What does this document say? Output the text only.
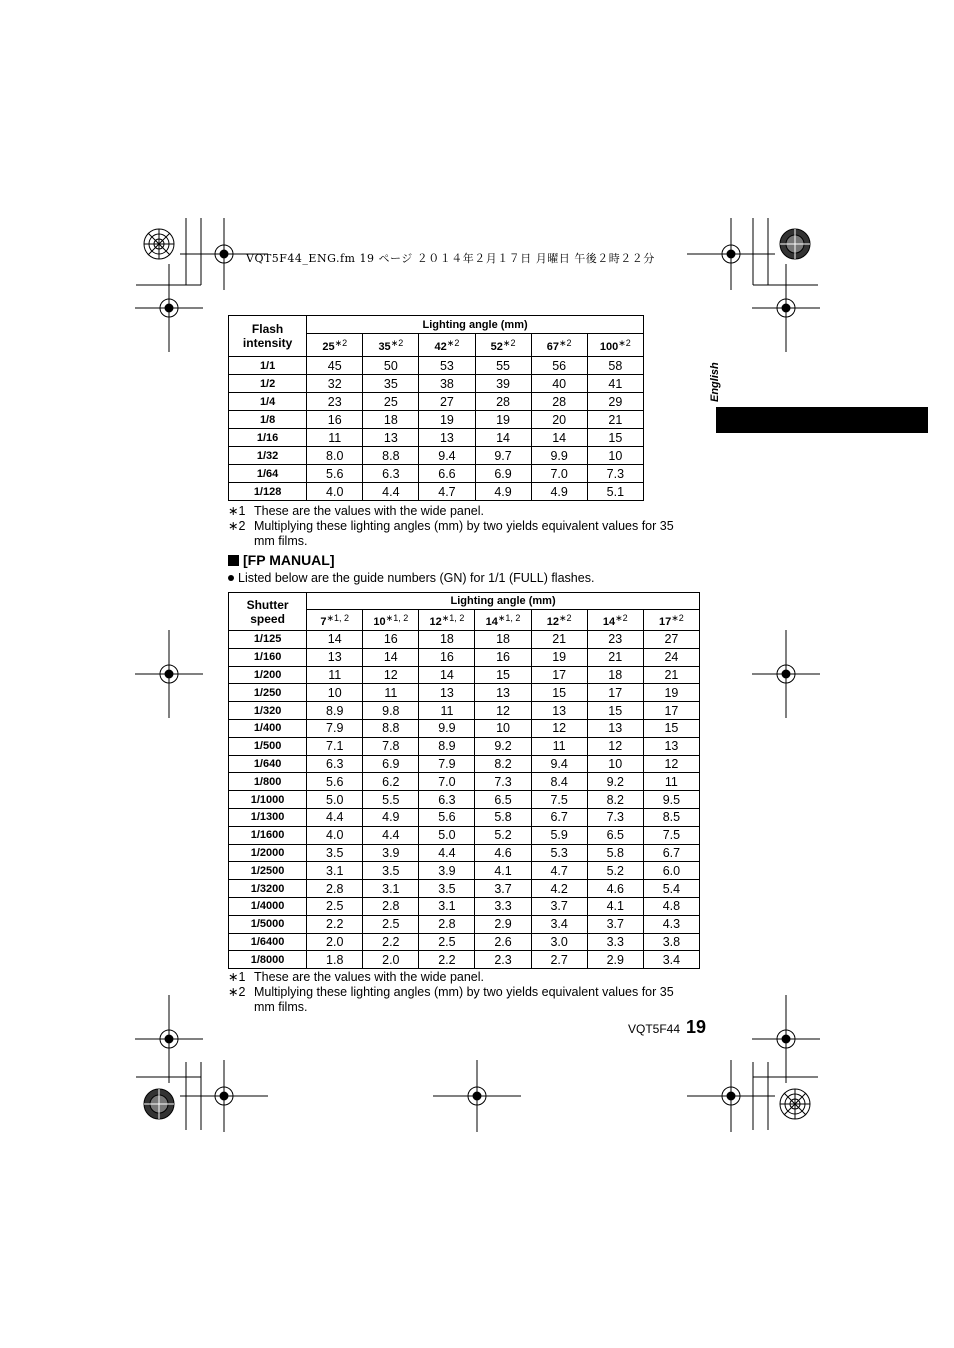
VQT5F44_ENG.fm 19 ページ ２０１４年２月１７日 月曜日 午後２時２２分
English
Flash intensity	Lighting angle (mm)					
	$25^{∗2}$	$35^{∗2}$	$42^{∗2}$	$52^{∗2}$	$67^{∗2}$	$100^{∗2}$
1/1	45	50	53	55	56	58
1/2	32	35	38	39	40	41
1/4	23	25	27	28	28	29
1/8	16	18	19	19	20	21
1/16	11	13	13	14	14	15
1/32	8.0	8.8	9.4	9.7	9.9	10
1/64	5.6	6.3	6.6	6.9	7.0	7.3
1/128	4.0	4.4	4.7	4.9	4.9	5.1
∗1 These are the values with the wide panel.
∗2 Multiplying these lighting angles (mm) by two yields equivalent values for 35 mm films.
[FP MANUAL]
Listed below are the guide numbers (GN) for 1/1 (FULL) flashes.
Shutter speed	Lighting angle (mm)						
	$7^{∗1, 2}$	$10^{∗1, 2}$	$12^{∗1, 2}$	$14^{∗1, 2}$	$12^{∗2}$	$14^{∗2}$	$17^{∗2}$
1/125	14	16	18	18	21	23	27
1/160	13	14	16	16	19	21	24
1/200	11	12	14	15	17	18	21
1/250	10	11	13	13	15	17	19
1/320	8.9	9.8	11	12	13	15	17
1/400	7.9	8.8	9.9	10	12	13	15
1/500	7.1	7.8	8.9	9.2	11	12	13
1/640	6.3	6.9	7.9	8.2	9.4	10	12
1/800	5.6	6.2	7.0	7.3	8.4	9.2	11
1/1000	5.0	5.5	6.3	6.5	7.5	8.2	9.5
1/1300	4.4	4.9	5.6	5.8	6.7	7.3	8.5
1/1600	4.0	4.4	5.0	5.2	5.9	6.5	7.5
1/2000	3.5	3.9	4.4	4.6	5.3	5.8	6.7
1/2500	3.1	3.5	3.9	4.1	4.7	5.2	6.0
1/3200	2.8	3.1	3.5	3.7	4.2	4.6	5.4
1/4000	2.5	2.8	3.1	3.3	3.7	4.1	4.8
1/5000	2.2	2.5	2.8	2.9	3.4	3.7	4.3
1/6400	2.0	2.2	2.5	2.6	3.0	3.3	3.8
1/8000	1.8	2.0	2.2	2.3	2.7	2.9	3.4
∗1 These are the values with the wide panel.
∗2 Multiplying these lighting angles (mm) by two yields equivalent values for 35 mm films.
VQT5F44 19
